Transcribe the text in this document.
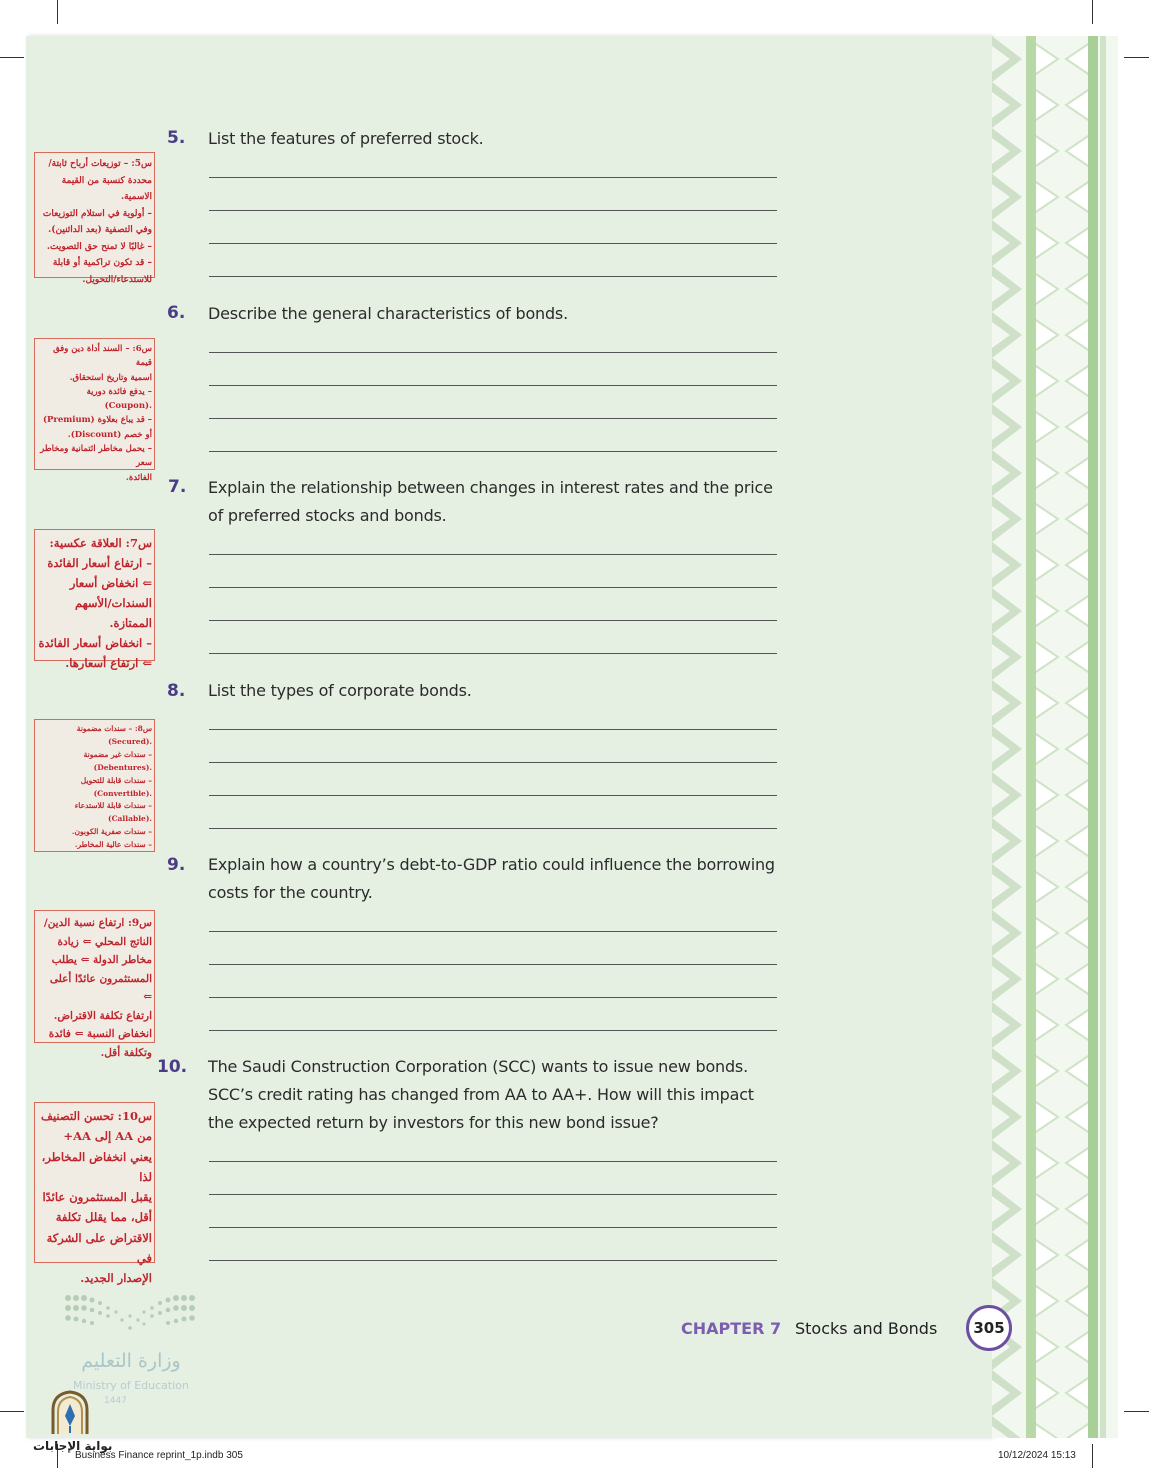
5. List the features of preferred stock.
س5: – توزيعات أرباح ثابتة/
محددة كنسبة من القيمة الاسمية.
– أولوية في استلام التوزيعات
وفي التصفية (بعد الدائنين).
– غالبًا لا تمنح حق التصويت.
– قد تكون تراكمية أو قابلة
للاستدعاء/التحويل.
6. Describe the general characteristics of bonds.
س6: – السند أداة دين وفق قيمة
اسمية وتاريخ استحقاق.
– يدفع فائدة دورية
.(Coupon)
– قد يباع بعلاوة (Premium)
أو خصم (Discount).
– يحمل مخاطر ائتمانية ومخاطر سعر
الفائدة. 7. Explain the relationship between changes in interest rates and the price of preferred stocks and bonds.
س7: العلاقة عكسية:
– ارتفاع أسعار الفائدة
⇐ انخفاض أسعار
السندات/الأسهم الممتازة.
– انخفاض أسعار الفائدة
⇐ ارتفاع أسعارها.
8. List the types of corporate bonds.
س8: – سندات مضمونة
.(Secured)
– سندات غير مضمونة
.(Debentures)
– سندات قابلة للتحويل
.(Convertible)
– سندات قابلة للاستدعاء
.(Callable)
– سندات صفرية الكوبون.
– سندات عالية المخاطر.
9. Explain how a country’s debt-to-GDP ratio could influence the borrowing costs for the country.
س9: ارتفاع نسبة الدين/
الناتج المحلي ⇐ زيادة
مخاطر الدولة ⇐ يطلب
المستثمرون عائدًا أعلى ⇐
ارتفاع تكلفة الاقتراض.
انخفاض النسبة ⇐ فائدة
وتكلفة أقل.
10. The Saudi Construction Corporation (SCC) wants to issue new bonds. SCC’s credit rating has changed from AA to AA+. How will this impact the expected return by investors for this new bond issue?
س10: تحسن التصنيف
من AA إلى AA+
يعني انخفاض المخاطر، لذا
يقبل المستثمرون عائدًا
أقل، مما يقلل تكلفة
الاقتراض على الشركة في
الإصدار الجديد.
CHAPTER 7 Stocks and Bonds	305
وزارة التعليم
Ministry of Education
1447
بوابة الإجابات
Business Finance reprint_1p.indb 305	10/12/2024 15:13
